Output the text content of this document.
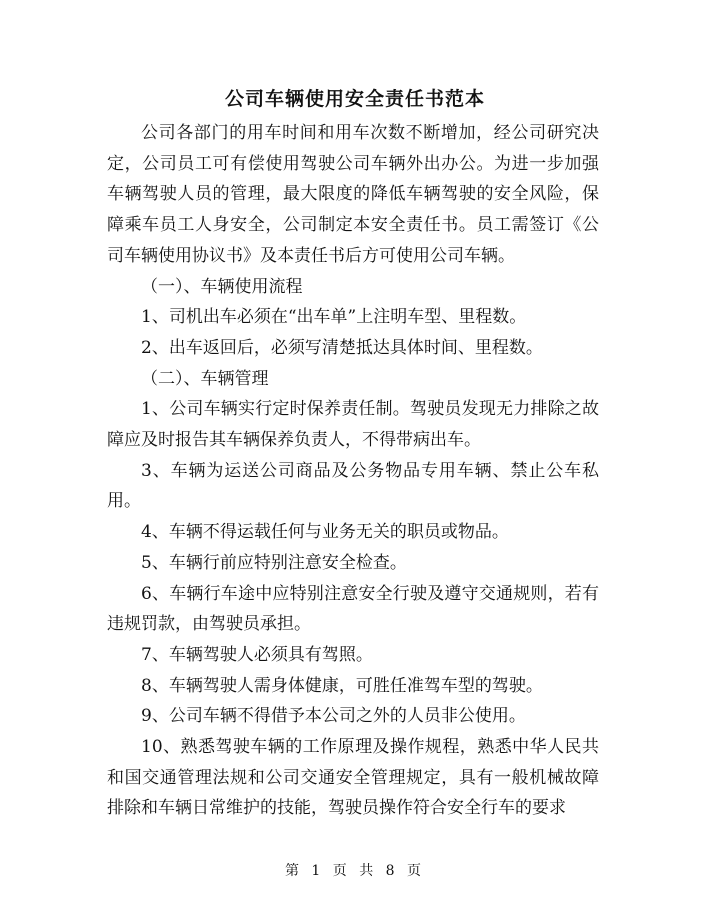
公司车辆使用安全责任书范本

公司各部门的用车时间和用车次数不断增加，经公司研究决定，公司员工可有偿使用驾驶公司车辆外出办公。为进一步加强车辆驾驶人员的管理，最大限度的降低车辆驾驶的安全风险，保障乘车员工人身安全，公司制定本安全责任书。员工需签订《公司车辆使用协议书》及本责任书后方可使用公司车辆。

（一）、车辆使用流程

1、司机出车必须在“出车单”上注明车型、里程数。

2、出车返回后，必须写清楚抵达具体时间、里程数。

（二）、车辆管理

1、公司车辆实行定时保养责任制。驾驶员发现无力排除之故障应及时报告其车辆保养负责人，不得带病出车。

3、车辆为运送公司商品及公务物品专用车辆、禁止公车私用。

4、车辆不得运载任何与业务无关的职员或物品。

5、车辆行前应特别注意安全检查。

6、车辆行车途中应特别注意安全行驶及遵守交通规则，若有违规罚款，由驾驶员承担。

7、车辆驾驶人必须具有驾照。

8、车辆驾驶人需身体健康，可胜任准驾车型的驾驶。

9、公司车辆不得借予本公司之外的人员非公使用。

10、熟悉驾驶车辆的工作原理及操作规程，熟悉中华人民共和国交通管理法规和公司交通安全管理规定，具有一般机械故障排除和车辆日常维护的技能，驾驶员操作符合安全行车的要求

第 1 页 共 8 页
